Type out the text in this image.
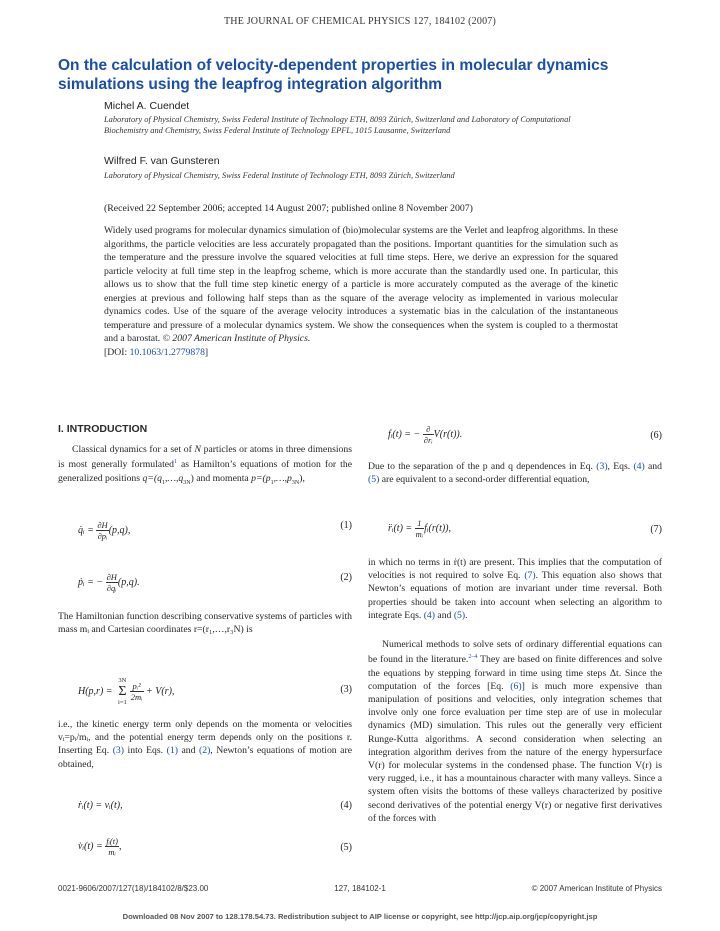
THE JOURNAL OF CHEMICAL PHYSICS 127, 184102 (2007)
On the calculation of velocity-dependent properties in molecular dynamics simulations using the leapfrog integration algorithm
Michel A. Cuendet
Laboratory of Physical Chemistry, Swiss Federal Institute of Technology ETH, 8093 Zürich, Switzerland and Laboratory of Computational Biochemistry and Chemistry, Swiss Federal Institute of Technology EPFL, 1015 Lausanne, Switzerland
Wilfred F. van Gunsteren
Laboratory of Physical Chemistry, Swiss Federal Institute of Technology ETH, 8093 Zürich, Switzerland
(Received 22 September 2006; accepted 14 August 2007; published online 8 November 2007)
Widely used programs for molecular dynamics simulation of (bio)molecular systems are the Verlet and leapfrog algorithms. In these algorithms, the particle velocities are less accurately propagated than the positions. Important quantities for the simulation such as the temperature and the pressure involve the squared velocities at full time steps. Here, we derive an expression for the squared particle velocity at full time step in the leapfrog scheme, which is more accurate than the standardly used one. In particular, this allows us to show that the full time step kinetic energy of a particle is more accurately computed as the average of the kinetic energies at previous and following half steps than as the square of the average velocity as implemented in various molecular dynamics codes. Use of the square of the average velocity introduces a systematic bias in the calculation of the instantaneous temperature and pressure of a molecular dynamics system. We show the consequences when the system is coupled to a thermostat and a barostat. © 2007 American Institute of Physics.
[DOI: 10.1063/1.2779878]
I. INTRODUCTION
Classical dynamics for a set of N particles or atoms in three dimensions is most generally formulated$^1$ as Hamilton’s equations of motion for the generalized positions $q=(q_1,\dots,q_{3N})$ and momenta $p=(p_1,\dots,p_{3N})$,
q̇ᵢ = $\frac{\partial H}{\text{∂pᵢ}} (p,q)$,	(1)
ṗᵢ = − $\frac{\partial H}{\text{∂qᵢ}} (p,q)$.	(2)
The Hamiltonian function describing conservative systems of particles with mass mᵢ and Cartesian coordinates r=(r₁,…,r₃N) is
H(p,r) =
3N
Σ
i=1
$\frac{\text{pᵢ²}}{\text{2mᵢ}} + V(r)$,	(3)
i.e., the kinetic energy term only depends on the momenta or velocities vᵢ=pᵢ/mᵢ, and the potential energy term depends only on the positions r. Inserting Eq. (3) into Eqs. (1) and (2), Newton’s equations of motion are obtained,
ṙᵢ(t) = vᵢ(t),	(4)
v̇ᵢ(t) = $\frac{\text{fᵢ(t)}}{\text{mᵢ}}$ ,	(5)
fᵢ(t) = − $\frac{\partial}{\text{∂rᵢ}} V(r(t))$.	(6)
Due to the separation of the p and q dependences in Eq. (3), Eqs. (4) and (5) are equivalent to a second-order differential equation,
r̈ᵢ(t) = $\frac{1}{\text{mᵢ}}$ fᵢ(r(t)),	(7)
in which no terms in ṙ(t) are present. This implies that the computation of velocities is not required to solve Eq. (7). This equation also shows that Newton’s equations of motion are invariant under time reversal. Both properties should be taken into account when selecting an algorithm to integrate Eqs. (4) and (5).
Numerical methods to solve sets of ordinary differential equations can be found in the literature.$^{2-4}$ They are based on finite differences and solve the equations by stepping forward in time using time steps Δt. Since the computation of the forces [Eq. (6)] is much more expensive than manipulation of positions and velocities, only integration schemes that involve only one force evaluation per time step are of use in molecular dynamics (MD) simulation. This rules out the generally very efficient Runge-Kutta algorithms. A second consideration when selecting an integration algorithm derives from the nature of the energy hypersurface V(r) for molecular systems in the condensed phase. The function V(r) is very rugged, i.e., it has a mountainous character with many valleys. Since a system often visits the bottoms of these valleys characterized by positive second derivatives of the potential energy V(r) or negative first derivatives of the forces with
0021-9606/2007/127(18)/184102/8/$23.00	127, 184102-1	© 2007 American Institute of Physics
Downloaded 08 Nov 2007 to 128.178.54.73. Redistribution subject to AIP license or copyright, see http://jcp.aip.org/jcp/copyright.jsp
